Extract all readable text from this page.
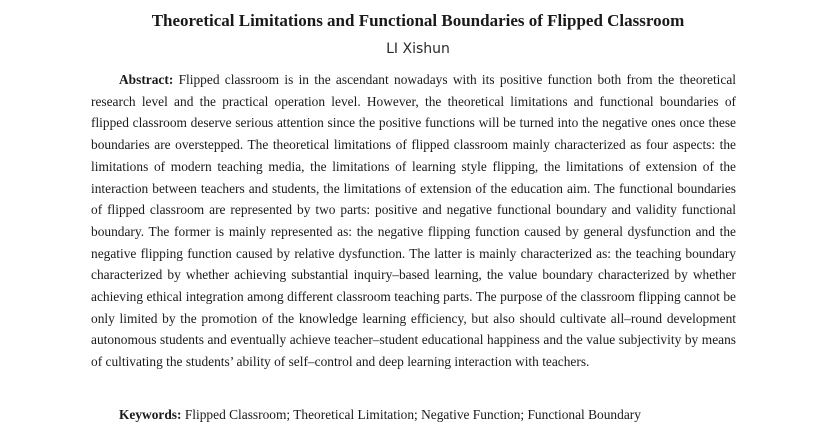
Theoretical Limitations and Functional Boundaries of Flipped Classroom
LI Xishun

Abstract: Flipped classroom is in the ascendant nowadays with its positive function both from the theoretical research level and the practical operation level. However, the theoretical limitations and functional boundaries of flipped classroom deserve serious attention since the positive functions will be turned into the negative ones once these boundaries are overstepped. The theoretical limitations of flipped classroom mainly characterized as four aspects: the limitations of modern teaching media, the limitations of learning style flipping, the limitations of extension of the interaction between teachers and students, the limitations of extension of the education aim. The functional boundaries of flipped classroom are represented by two parts: positive and negative functional boundary and validity functional boundary. The former is mainly represented as: the negative flipping function caused by general dysfunction and the negative flipping function caused by relative dysfunction. The latter is mainly characterized as: the teaching boundary characterized by whether achieving substantial inquiry–based learning, the value boundary characterized by whether achieving ethical integration among different classroom teaching parts. The purpose of the classroom flipping cannot be only limited by the promotion of the knowledge learning efficiency, but also should cultivate all–round development autonomous students and eventually achieve teacher–student educational happiness and the value subjectivity by means of cultivating the students’ ability of self–control and deep learning interaction with teachers.

Keywords: Flipped Classroom; Theoretical Limitation; Negative Function; Functional Boundary
